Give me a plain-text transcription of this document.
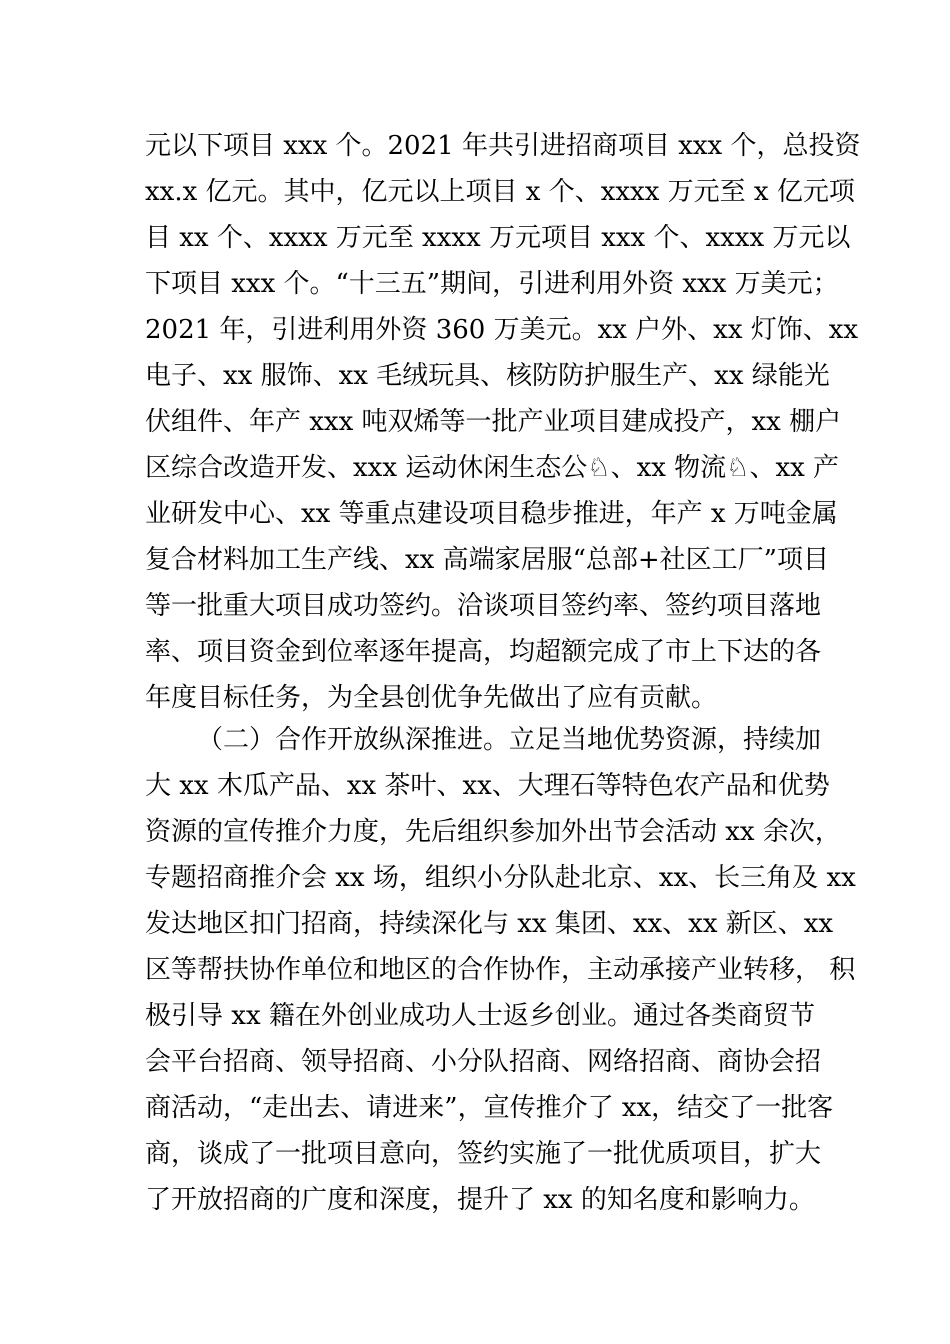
元以下项目 xxx 个。2021 年共引进招商项目 xxx 个，总投资
xx.x 亿元。其中，亿元以上项目 x 个、xxxx 万元至 x 亿元项
目 xx 个、xxxx 万元至 xxxx 万元项目 xxx 个、xxxx 万元以
下项目 xxx 个。“十三五”期间，引进利用外资 xxx 万美元；
2021 年，引进利用外资 360 万美元。xx 户外、xx 灯饰、xx
电子、xx 服饰、xx 毛绒玩具、核防防护服生产、xx 绿能光
伏组件、年产 xxx 吨双烯等一批产业项目建成投产，xx 棚户
区综合改造开发、xxx 运动休闲生态公♘、xx 物流♘、xx 产
业研发中心、xx 等重点建设项目稳步推进，年产 x 万吨金属
复合材料加工生产线、xx 高端家居服“总部+社区工厂”项目
等一批重大项目成功签约。洽谈项目签约率、签约项目落地
率、项目资金到位率逐年提高，均超额完成了市上下达的各
年度目标任务，为全县创优争先做出了应有贡献。
（二）合作开放纵深推进。立足当地优势资源，持续加
大 xx 木瓜产品、xx 茶叶、xx、大理石等特色农产品和优势
资源的宣传推介力度，先后组织参加外出节会活动 xx 余次，
专题招商推介会 xx 场，组织小分队赴北京、xx、长三角及 xx
发达地区扣门招商，持续深化与 xx 集团、xx、xx 新区、xx
区等帮扶协作单位和地区的合作协作，主动承接产业转移， 积
极引导 xx 籍在外创业成功人士返乡创业。通过各类商贸节
会平台招商、领导招商、小分队招商、网络招商、商协会招
商活动，“走出去、请进来”，宣传推介了 xx，结交了一批客
商，谈成了一批项目意向，签约实施了一批优质项目，扩大
了开放招商的广度和深度，提升了 xx 的知名度和影响力。
